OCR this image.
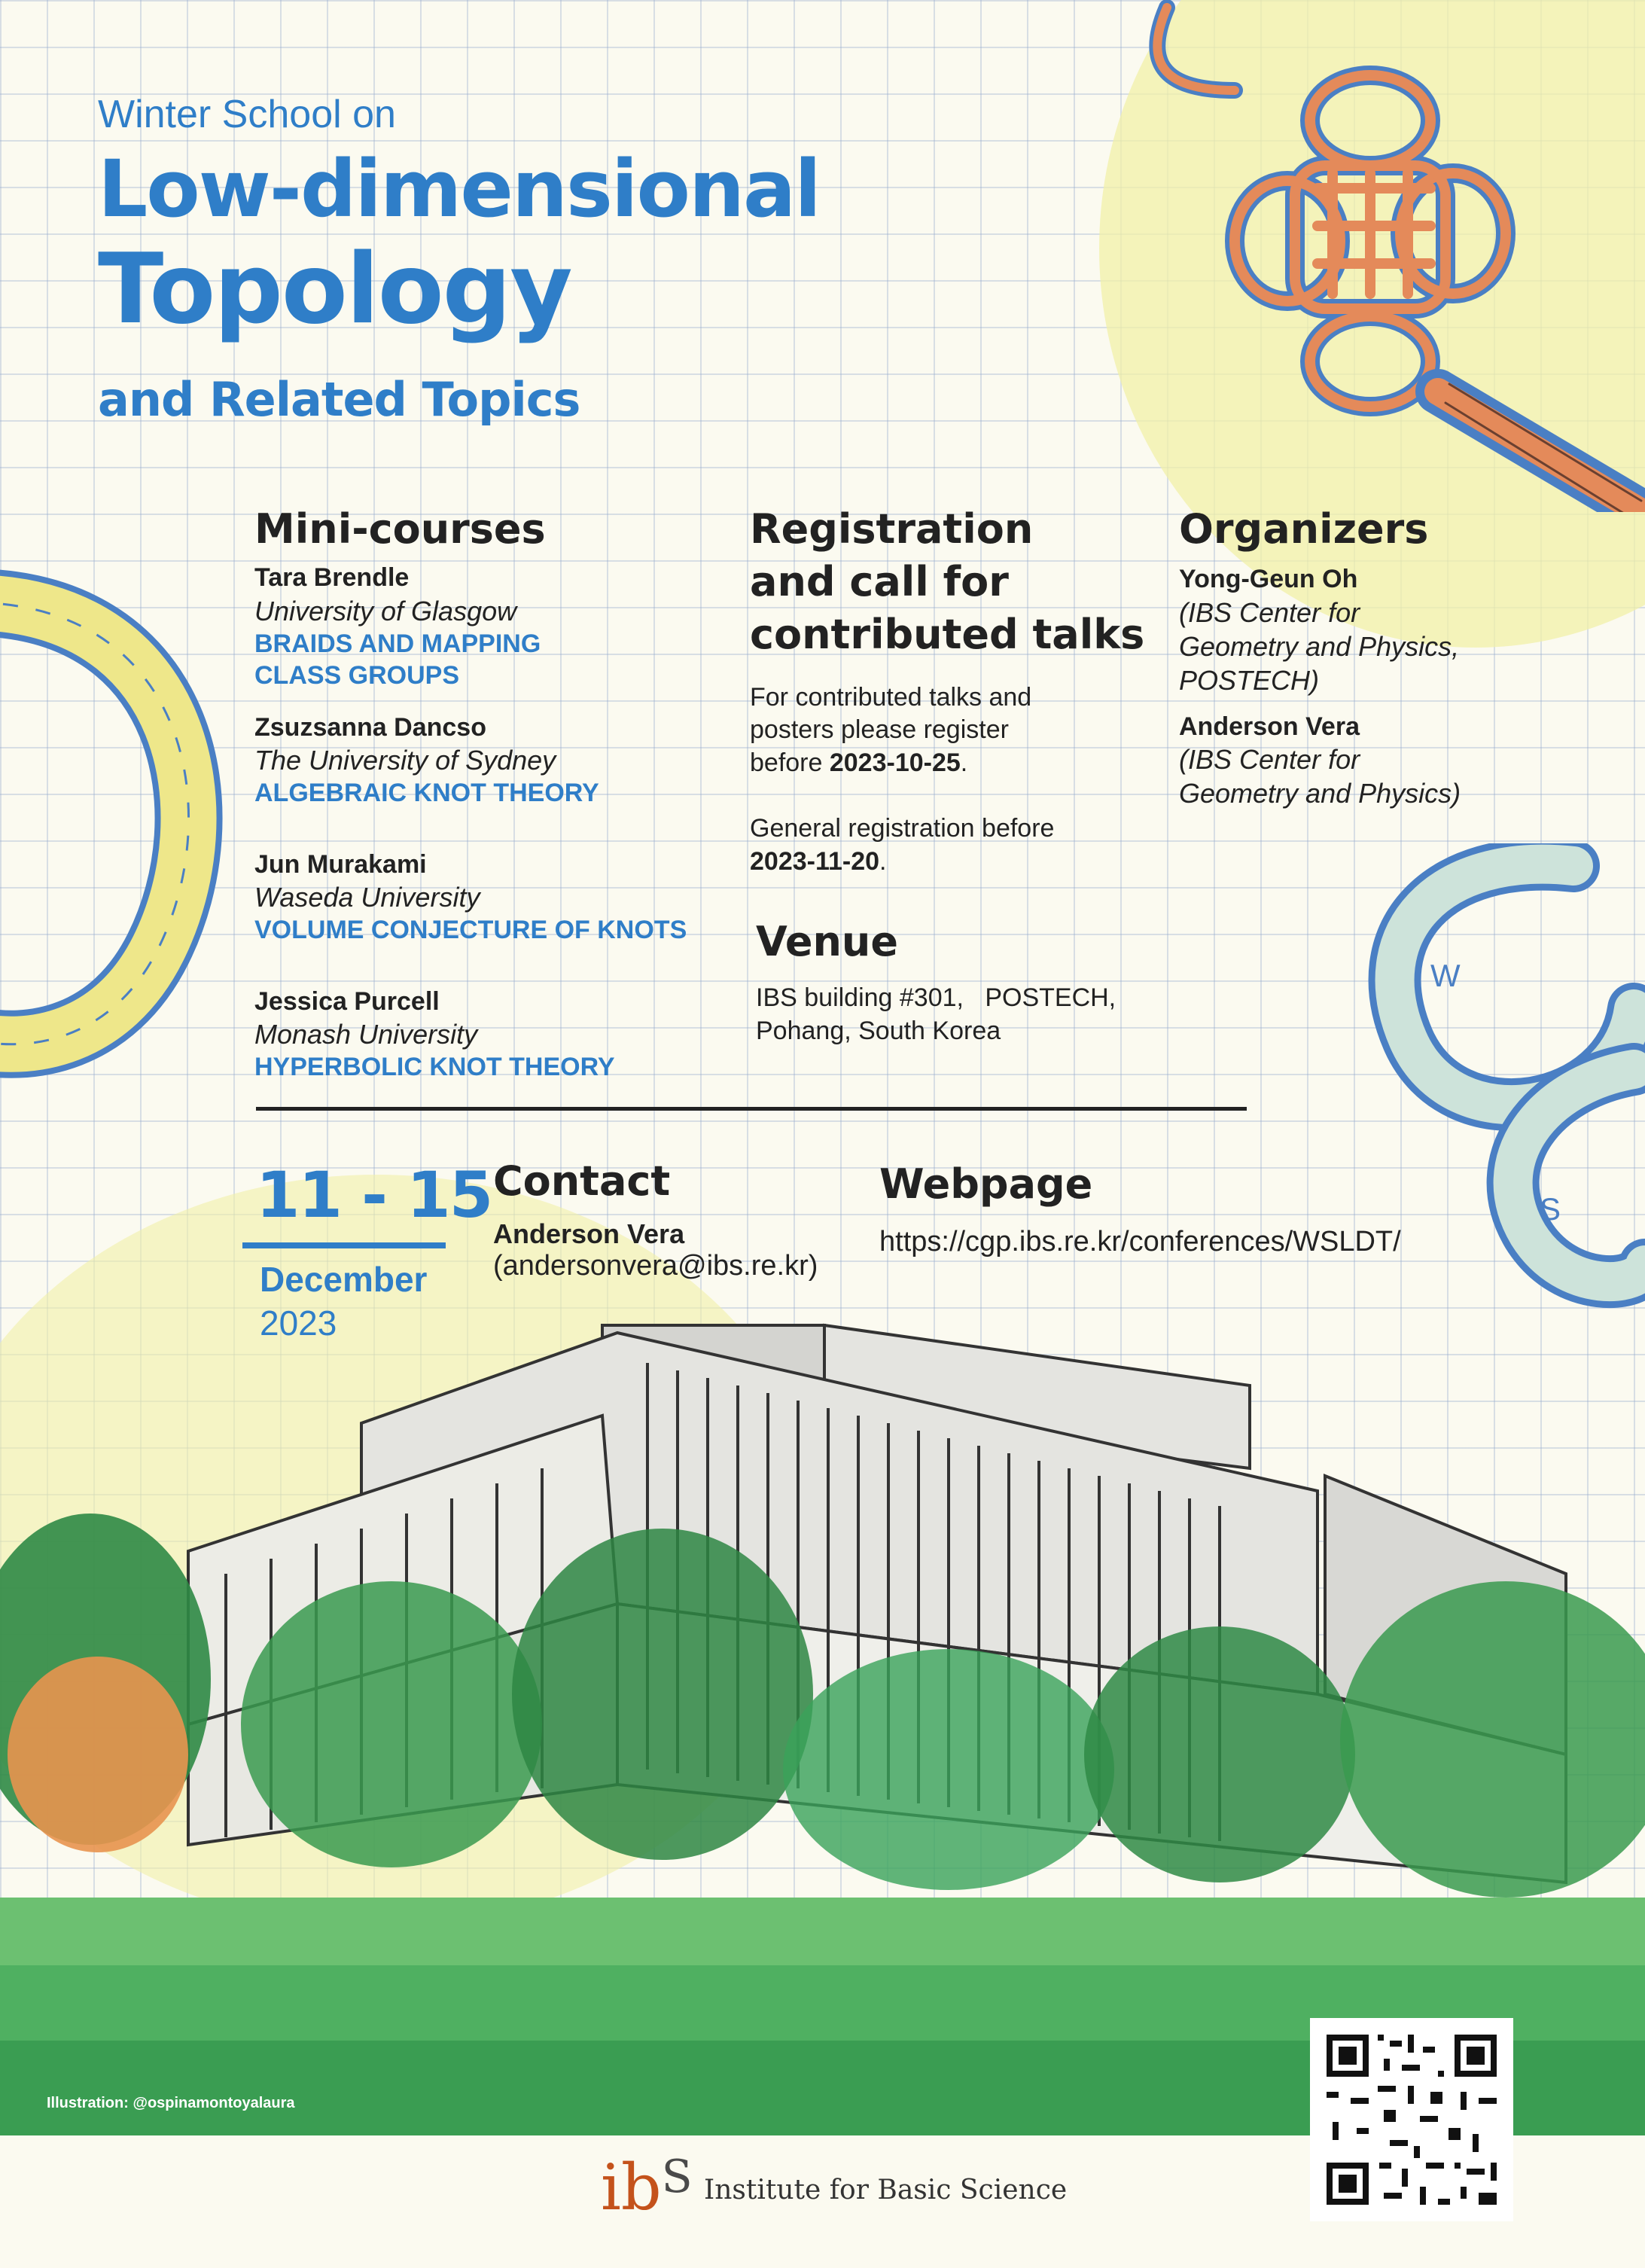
W
S
Winter School on
Low-dimensional
Topology
and Related Topics
Mini-courses
Tara Brendle
University of Glasgow
BRAIDS AND MAPPING
CLASS GROUPS
Zsuzsanna Dancso
The University of Sydney
ALGEBRAIC KNOT THEORY
Jun Murakami
Waseda University
VOLUME CONJECTURE OF KNOTS
Jessica Purcell
Monash University
HYPERBOLIC KNOT THEORY
Registration
and call for
contributed talks

For contributed talks and

posters please register

before 2023-10-25.

General registration before

2023-11-20.

Venue

IBS building #301,   POSTECH,

Pohang, South Korea

Organizers
Yong-Geun Oh
(IBS Center for
Geometry and Physics,
POSTECH)
Anderson Vera
(IBS Center for
Geometry and Physics)
11 - 15
December
2023
Contact
Anderson Vera
(andersonvera@ibs.re.kr)
Webpage
https://cgp.ibs.re.kr/conferences/WSLDT/
Illustration: @ospinamontoyalaura
$ib^S$ Institute for Basic Science
